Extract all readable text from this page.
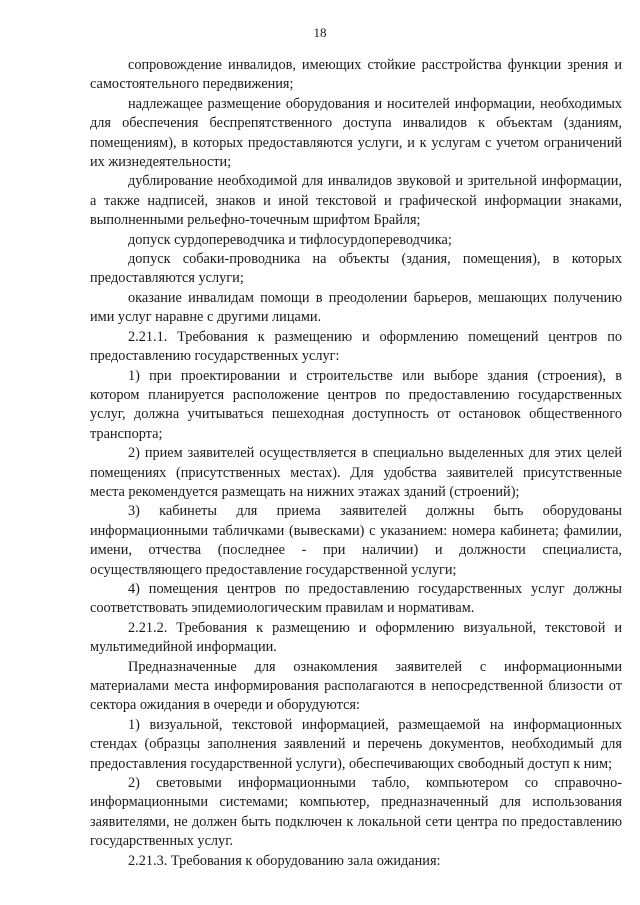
18

сопровождение инвалидов, имеющих стойкие расстройства функции зрения и самостоятельного передвижения;

надлежащее размещение оборудования и носителей информации, необходимых для обеспечения беспрепятственного доступа инвалидов к объектам (зданиям, помещениям), в которых предоставляются услуги, и к услугам с учетом ограничений их жизнедеятельности;

дублирование необходимой для инвалидов звуковой и зрительной информации, а также надписей, знаков и иной текстовой и графической информации знаками, выполненными рельефно-точечным шрифтом Брайля;

допуск сурдопереводчика и тифлосурдопереводчика;

допуск собаки-проводника на объекты (здания, помещения), в которых предоставляются услуги;

оказание инвалидам помощи в преодолении барьеров, мешающих получению ими услуг наравне с другими лицами.

2.21.1. Требования к размещению и оформлению помещений центров по предоставлению государственных услуг:

1) при проектировании и строительстве или выборе здания (строения), в котором планируется расположение центров по предоставлению государственных услуг, должна учитываться пешеходная доступность от остановок общественного транспорта;

2) прием заявителей осуществляется в специально выделенных для этих целей помещениях (присутственных местах). Для удобства заявителей присутственные места рекомендуется размещать на нижних этажах зданий (строений);

3) кабинеты для приема заявителей должны быть оборудованы информационными табличками (вывесками) с указанием: номера кабинета; фамилии, имени, отчества (последнее - при наличии) и должности специалиста, осуществляющего предоставление государственной услуги;

4) помещения центров по предоставлению государственных услуг должны соответствовать эпидемиологическим правилам и нормативам.

2.21.2. Требования к размещению и оформлению визуальной, текстовой и мультимедийной информации.

Предназначенные для ознакомления заявителей с информационными материалами места информирования располагаются в непосредственной близости от сектора ожидания в очереди и оборудуются:

1) визуальной, текстовой информацией, размещаемой на информационных стендах (образцы заполнения заявлений и перечень документов, необходимый для предоставления государственной услуги), обеспечивающих свободный доступ к ним;

2) световыми информационными табло, компьютером со справочно-информационными системами; компьютер, предназначенный для использования заявителями, не должен быть подключен к локальной сети центра по предоставлению государственных услуг.

2.21.3. Требования к оборудованию зала ожидания:
